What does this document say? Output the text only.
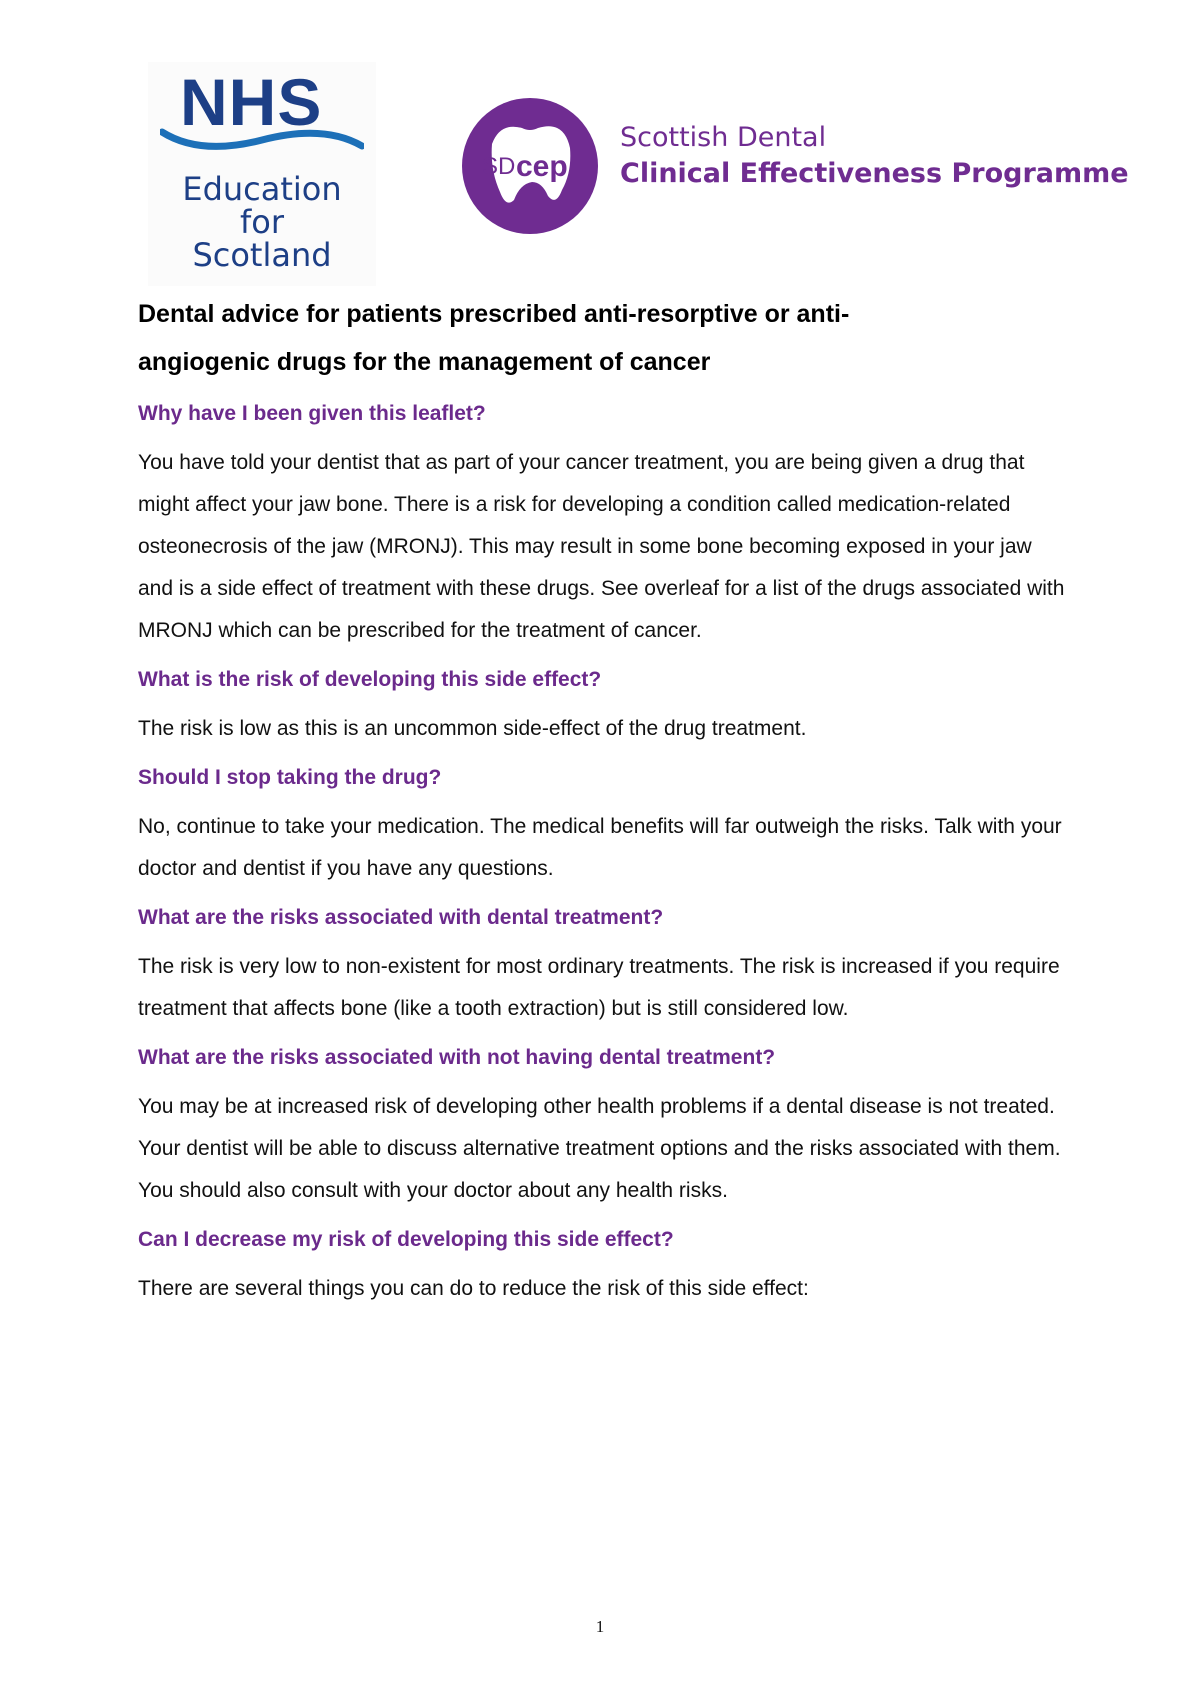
NHS
Education
for
Scotland
SD cep
Scottish Dental
Clinical Effectiveness Programme
Dental advice for patients prescribed anti-resorptive or anti-
angiogenic drugs for the management of cancer

Why have I been given this leaflet?

You have told your dentist that as part of your cancer treatment, you are being given a drug that might affect your jaw bone. There is a risk for developing a condition called medication-related osteonecrosis of the jaw (MRONJ). This may result in some bone becoming exposed in your jaw and is a side effect of treatment with these drugs. See overleaf for a list of the drugs associated with MRONJ which can be prescribed for the treatment of cancer.

What is the risk of developing this side effect?

The risk is low as this is an uncommon side-effect of the drug treatment.

Should I stop taking the drug?

No, continue to take your medication. The medical benefits will far outweigh the risks. Talk with your doctor and dentist if you have any questions.

What are the risks associated with dental treatment?

The risk is very low to non-existent for most ordinary treatments. The risk is increased if you require treatment that affects bone (like a tooth extraction) but is still considered low.

What are the risks associated with not having dental treatment?

You may be at increased risk of developing other health problems if a dental disease is not treated. Your dentist will be able to discuss alternative treatment options and the risks associated with them. You should also consult with your doctor about any health risks.

Can I decrease my risk of developing this side effect?

There are several things you can do to reduce the risk of this side effect:

1
